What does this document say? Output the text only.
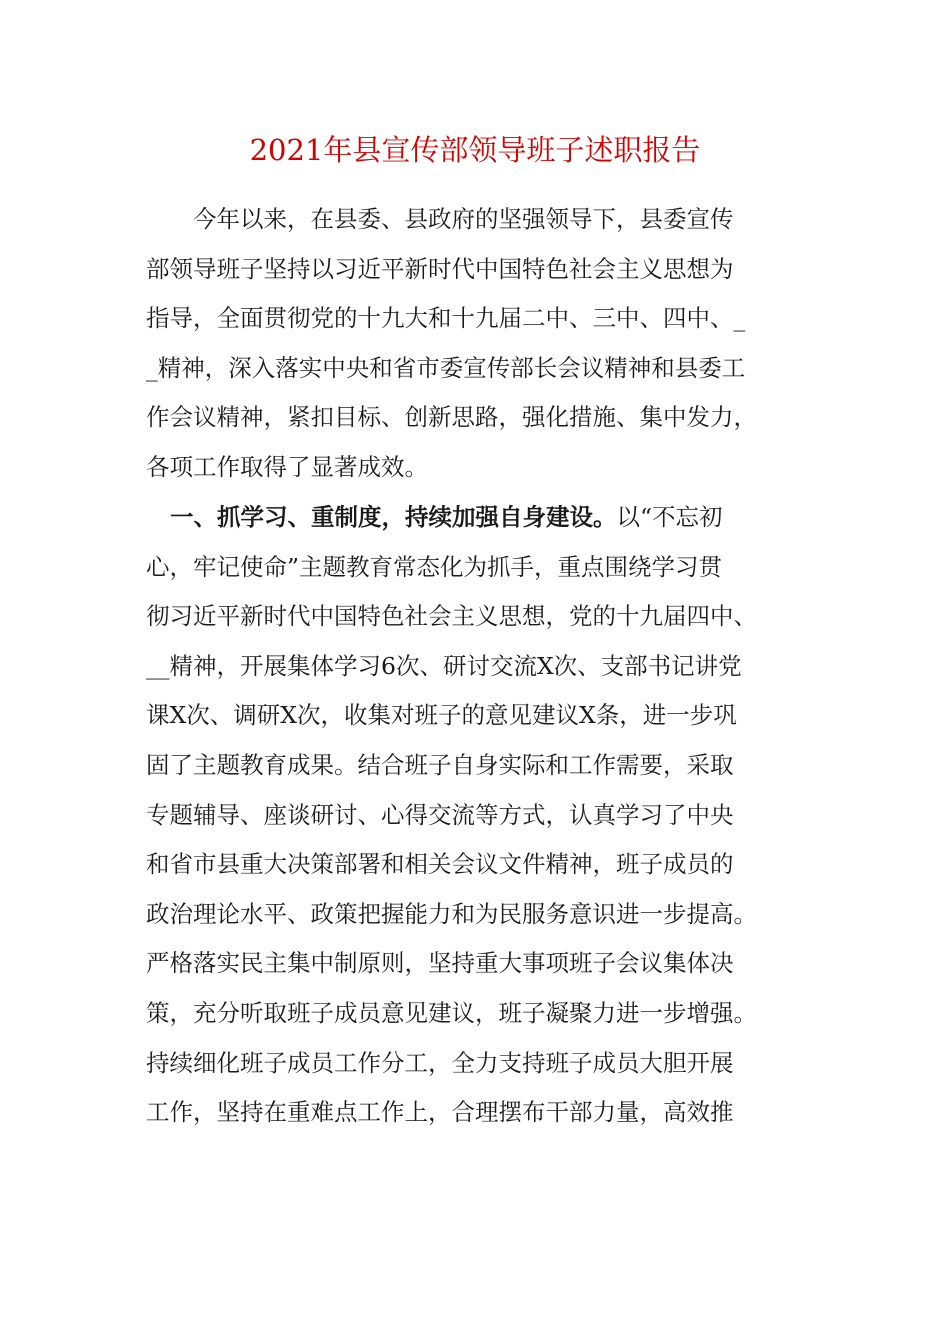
2021年县宣传部领导班子述职报告
今年以来，在县委、县政府的坚强领导下，县委宣传
部领导班子坚持以习近平新时代中国特色社会主义思想为
指导，全面贯彻党的十九大和十九届二中、三中、四中、_
_精神，深入落实中央和省市委宣传部长会议精神和县委工
作会议精神，紧扣目标、创新思路，强化措施、集中发力，
各项工作取得了显著成效。
一、抓学习、重制度，持续加强自身建设。以“不忘初
心，牢记使命”主题教育常态化为抓手，重点围绕学习贯
彻习近平新时代中国特色社会主义思想，党的十九届四中、
__精神，开展集体学习6次、研讨交流X次、支部书记讲党
课X次、调研X次，收集对班子的意见建议X条，进一步巩
固了主题教育成果。结合班子自身实际和工作需要，采取
专题辅导、座谈研讨、心得交流等方式，认真学习了中央
和省市县重大决策部署和相关会议文件精神，班子成员的
政治理论水平、政策把握能力和为民服务意识进一步提高。
严格落实民主集中制原则，坚持重大事项班子会议集体决
策，充分听取班子成员意见建议，班子凝聚力进一步增强。
持续细化班子成员工作分工，全力支持班子成员大胆开展
工作，坚持在重难点工作上，合理摆布干部力量，高效推
